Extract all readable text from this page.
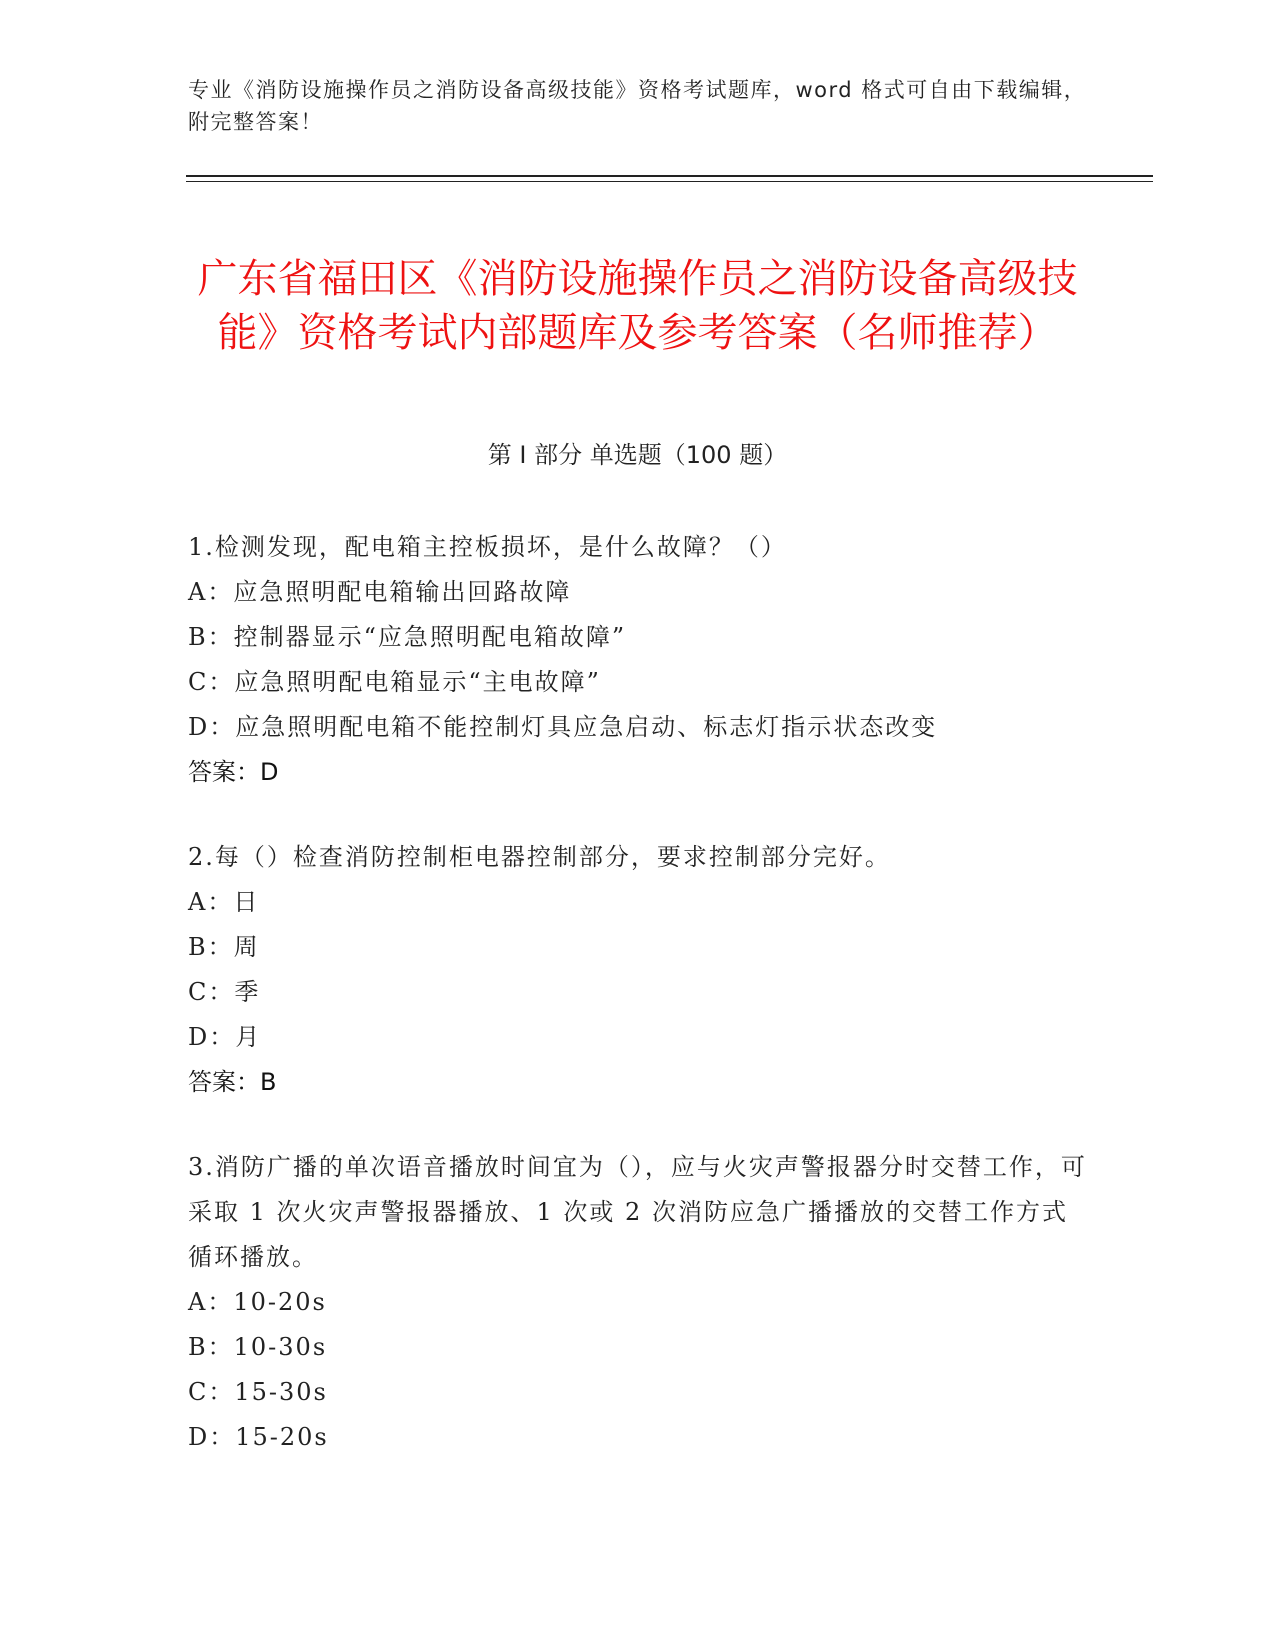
专业《消防设施操作员之消防设备高级技能》资格考试题库，word 格式可自由下载编辑，附完整答案！
广东省福田区《消防设施操作员之消防设备高级技能》资格考试内部题库及参考答案（名师推荐）
第 I 部分 单选题（100 题）

1.检测发现，配电箱主控板损坏，是什么故障？（）

A：应急照明配电箱输出回路故障

B：控制器显示“应急照明配电箱故障”

C：应急照明配电箱显示“主电故障”

D：应急照明配电箱不能控制灯具应急启动、标志灯指示状态改变

答案：D

2.每（）检查消防控制柜电器控制部分，要求控制部分完好。

A：日

B：周

C：季

D：月

答案：B

3.消防广播的单次语音播放时间宜为（），应与火灾声警报器分时交替工作，可采取 1 次火灾声警报器播放、1 次或 2 次消防应急广播播放的交替工作方式循环播放。

A：10-20s

B：10-30s

C：15-30s

D：15-20s
